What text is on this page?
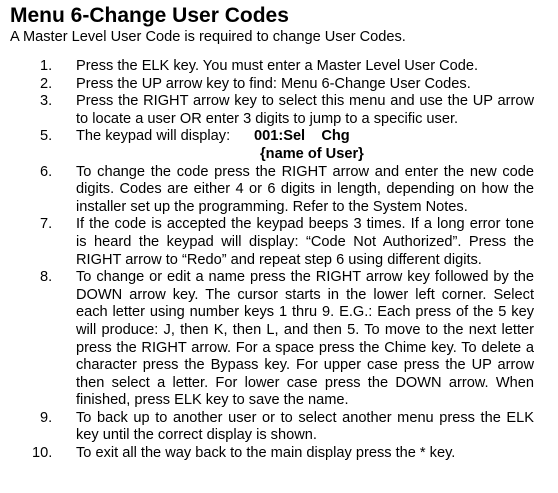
Menu 6-Change User Codes

A Master Level User Code is required to change User Codes.

1.	Press the ELK key. You must enter a Master Level User Code.
2.	Press the UP arrow key to find: Menu 6-Change User Codes.
3.	Press the RIGHT arrow key to select this menu and use the UP arrow to locate a user OR enter 3 digits to jump to a specific user.
5.	The keypad will display:	001:Sel    Chg
{name of User}
6.	To change the code press the RIGHT arrow and enter the new code digits. Codes are either 4 or 6 digits in length, depending on how the installer set up the programming. Refer to the System Notes.
7.	If the code is accepted the keypad beeps 3 times. If a long error tone is heard the keypad will display: “Code Not Authorized”. Press the RIGHT arrow to “Redo” and repeat step 6 using different digits.
8.	To change or edit a name press the RIGHT arrow key followed by the DOWN arrow key. The cursor starts in the lower left corner. Select each letter using number keys 1 thru 9. E.G.: Each press of the 5 key will produce: J, then K, then L, and then 5. To move to the next letter press the RIGHT arrow. For a space press the Chime key. To delete a character press the Bypass key. For upper case press the UP arrow then select a letter. For lower case press the DOWN arrow. When finished, press ELK key to save the name.
9.	To back up to another user or to select another menu press the ELK key until the correct display is shown.
10.	To exit all the way back to the main display press the * key.
